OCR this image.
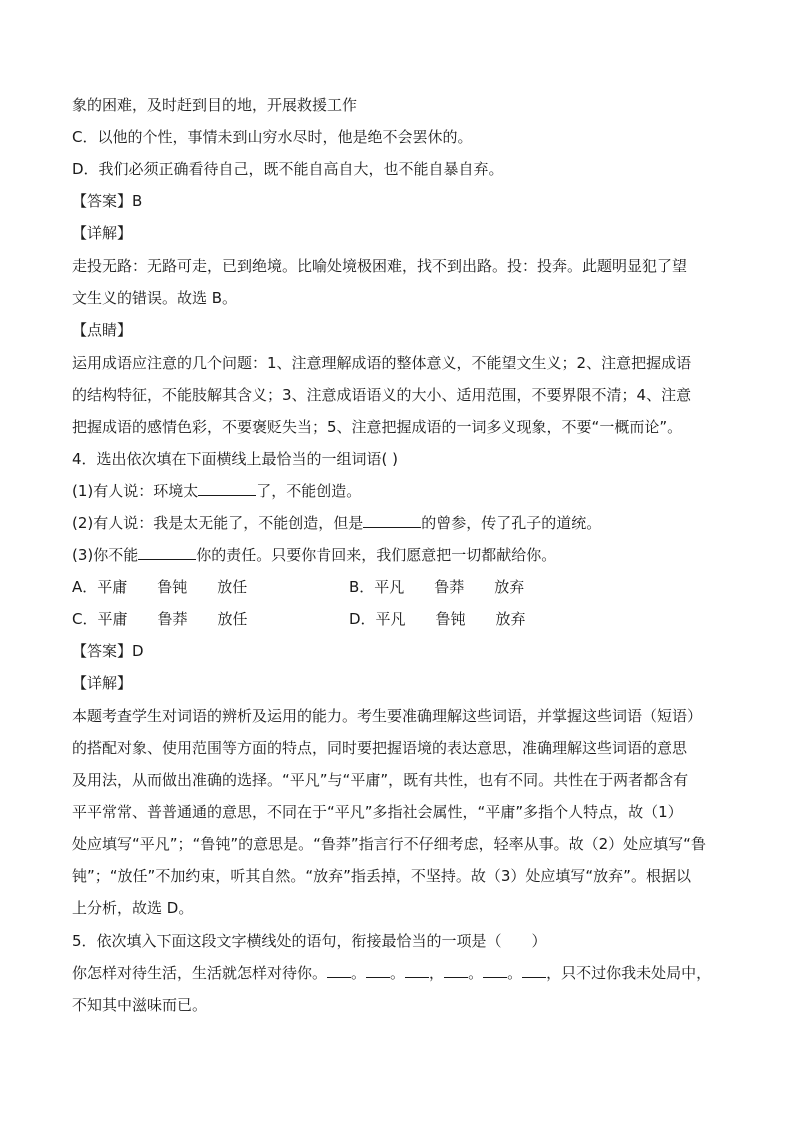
象的困难，及时赶到目的地，开展救援工作
C．以他的个性，事情未到山穷水尽时，他是绝不会罢休的。
D．我们必须正确看待自己，既不能自高自大，也不能自暴自弃。
【答案】B
【详解】
走投无路：无路可走，已到绝境。比喻处境极困难，找不到出路。投：投奔。此题明显犯了望
文生义的错误。故选 B。
【点睛】
运用成语应注意的几个问题：1、注意理解成语的整体意义，不能望文生义；2、注意把握成语
的结构特征，不能肢解其含义；3、注意成语语义的大小、适用范围，不要界限不清；4、注意
把握成语的感情色彩，不要褒贬失当；5、注意把握成语的一词多义现象，不要“一概而论”。
4．选出依次填在下面横线上最恰当的一组词语( )
(1)有人说：环境太	了，不能创造。
(2)有人说：我是太无能了，不能创造，但是	的曾参，传了孔子的道统。
(3)你不能	你的责任。只要你肯回来，我们愿意把一切都献给你。
A．平庸　　鲁钝　　放任	B．平凡　　鲁莽　　放弃
C．平庸　　鲁莽　　放任	D．平凡　　鲁钝　　放弃
【答案】D
【详解】
本题考查学生对词语的辨析及运用的能力。考生要准确理解这些词语，并掌握这些词语（短语）
的搭配对象、使用范围等方面的特点，同时要把握语境的表达意思，准确理解这些词语的意思
及用法，从而做出准确的选择。“平凡”与“平庸”，既有共性，也有不同。共性在于两者都含有
平平常常、普普通通的意思，不同在于“平凡”多指社会属性，“平庸”多指个人特点，故（1）
处应填写“平凡”；“鲁钝”的意思是。“鲁莽”指言行不仔细考虑，轻率从事。故（2）处应填写“鲁
钝”；“放任”不加约束，听其自然。“放弃”指丢掉，不坚持。故（3）处应填写“放弃”。根据以
上分析，故选 D。
5．依次填入下面这段文字横线处的语句，衔接最恰当的一项是（　　）
你怎样对待生活，生活就怎样对待你。 。 。 ， 。 。 ，只不过你我未处局中，
不知其中滋味而已。
